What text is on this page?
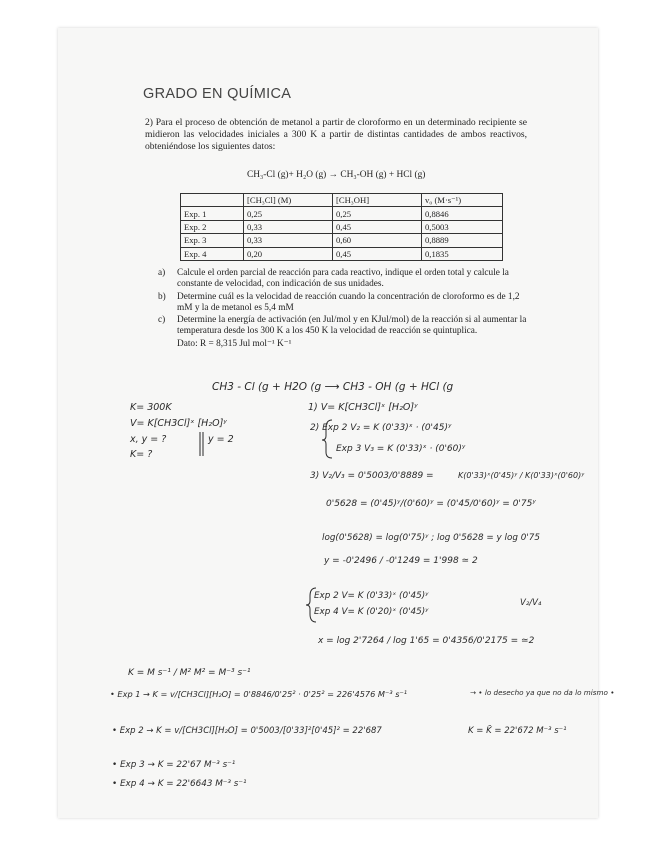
GRADO EN QUÍMICA
2) Para el proceso de obtención de metanol a partir de cloroformo en un determinado recipiente se midieron las velocidades iniciales a 300 K a partir de distintas cantidades de ambos reactivos, obteniéndose los siguientes datos:
CH₃-Cl (g)+ H₂O (g) → CH₃-OH (g) + HCl (g)
	[CH₃Cl] (M)	[CH₃OH]	v₀ (M·s⁻¹)
Exp. 1	0,25	0,25	0,8846
Exp. 2	0,33	0,45	0,5003
Exp. 3	0,33	0,60	0,8889
Exp. 4	0,20	0,45	0,1835
a)	Calcule el orden parcial de reacción para cada reactivo, indique el orden total y calcule la constante de velocidad, con indicación de sus unidades.
b)	Determine cuál es la velocidad de reacción cuando la concentración de cloroformo es de 1,2 mM y la de metanol es 5,4 mM
c)	Determine la energía de activación (en Jul/mol y en KJul/mol) de la reacción si al aumentar la temperatura desde los 300 K a los 450 K la velocidad de reacción se quintuplica.
Dato: R = 8,315 Jul mol⁻¹ K⁻¹
CH3 - Cl (g + H2O (g ⟶ CH3 - OH (g + HCl (g
K= 300K
V= K[CH3Cl]ˣ [H₂O]ʸ
x, y = ?
K= ?
y = 2
1) V= K[CH3Cl]ˣ [H₂O]ʸ
2) Exp 2 V₂ = K (0'33)ˣ · (0'45)ʸ
Exp 3 V₃ = K (0'33)ˣ · (0'60)ʸ
3) V₂/V₃ = 0'5003/0'8889 =	K(0'33)ˣ(0'45)ʸ / K(0'33)ˣ(0'60)ʸ
0'5628 = (0'45)ʸ/(0'60)ʸ = (0'45/0'60)ʸ = 0'75ʸ
log(0'5628) = log(0'75)ʸ ; log 0'5628 = y log 0'75
y = -0'2496 / -0'1249 = 1'998 ≃ 2
Exp 2 V= K (0'33)ˣ (0'45)ʸ
Exp 4 V= K (0'20)ˣ (0'45)ʸ
V₂/V₄
x = log 2'7264 / log 1'65 = 0'4356/0'2175 = ≃2
K = M s⁻¹ / M² M² = M⁻³ s⁻¹
• Exp 1 → K = v/[CH3Cl][H₂O] = 0'8846/0'25² · 0'25² = 226'4576 M⁻³ s⁻¹	→ • lo desecho ya que no da lo mismo •
• Exp 2 → K = v/[CH3Cl][H₂O] = 0'5003/[0'33]²[0'45]² = 22'687	K = K̄ = 22'672 M⁻³ s⁻¹
• Exp 3 → K = 22'67 M⁻³ s⁻¹
• Exp 4 → K = 22'6643 M⁻³ s⁻¹
